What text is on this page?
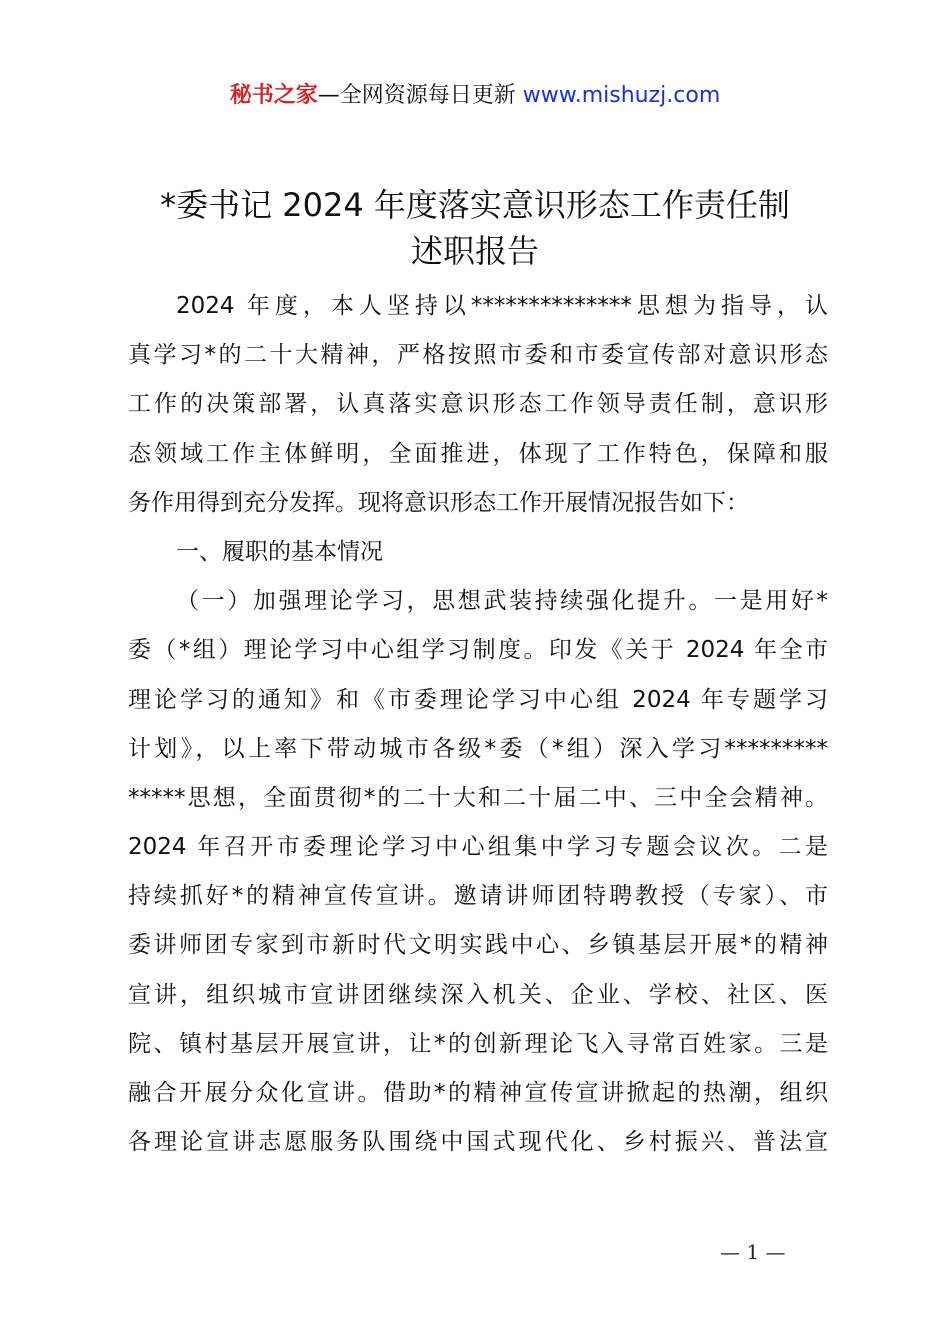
秘书之家—全网资源每日更新 www.mishuzj.com
*委书记 2024 年度落实意识形态工作责任制
述职报告
2024 年度，本人坚持以**************思想为指导，认
真学习*的二十大精神，严格按照市委和市委宣传部对意识形态
工作的决策部署，认真落实意识形态工作领导责任制，意识形
态领域工作主体鲜明，全面推进，体现了工作特色，保障和服
务作用得到充分发挥。现将意识形态工作开展情况报告如下：
一、履职的基本情况
（一）加强理论学习，思想武装持续强化提升。一是用好*
委（*组）理论学习中心组学习制度。印发《关于 2024 年全市
理论学习的通知》和《市委理论学习中心组 2024 年专题学习
计划》，以上率下带动城市各级*委（*组）深入学习*********
*****思想，全面贯彻*的二十大和二十届二中、三中全会精神。
2024 年召开市委理论学习中心组集中学习专题会议次。二是
持续抓好*的精神宣传宣讲。邀请讲师团特聘教授（专家）、市
委讲师团专家到市新时代文明实践中心、乡镇基层开展*的精神
宣讲，组织城市宣讲团继续深入机关、企业、学校、社区、医
院、镇村基层开展宣讲，让*的创新理论飞入寻常百姓家。三是
融合开展分众化宣讲。借助*的精神宣传宣讲掀起的热潮，组织
各理论宣讲志愿服务队围绕中国式现代化、乡村振兴、普法宣
— 1 —
